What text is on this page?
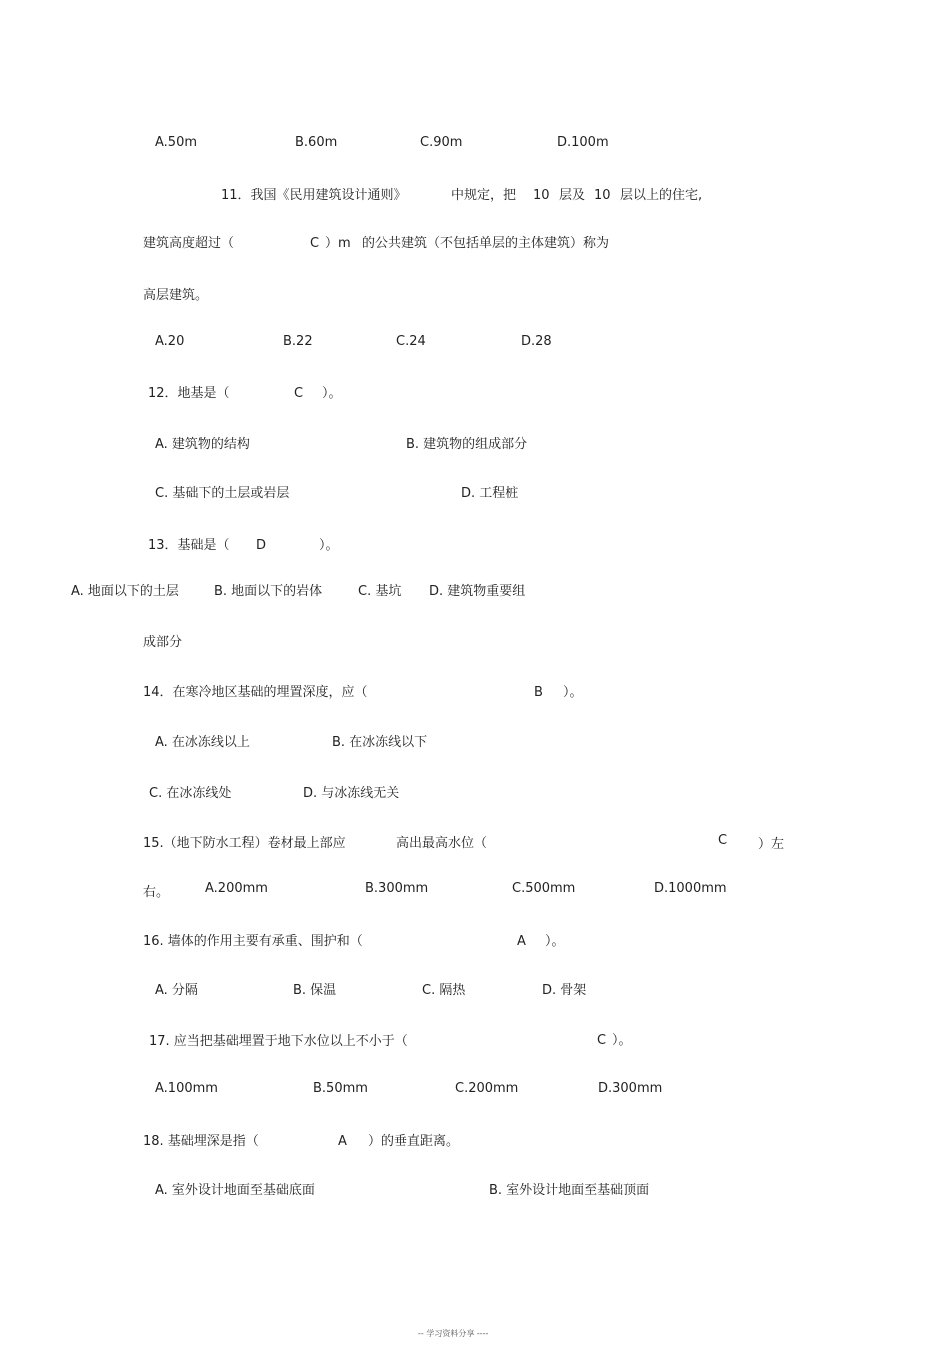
A.50m	B.60m	C.90m	D.100m
11．我国《民用建筑设计通则》	中规定，把 10 层及 10 层以上的住宅,
建筑高度超过（	C ）m 的公共建筑（不包括单层的主体建筑）称为
高层建筑。
A.20	B.22	C.24	D.28
12．地基是（	C ）。
A. 建筑物的结构	B. 建筑物的组成部分
C. 基础下的土层或岩层	D. 工程桩
13．基础是（ D	）。
A. 地面以下的土层	B. 地面以下的岩体	C. 基坑 D. 建筑物重要组
成部分
14．在寒冷地区基础的埋置深度，应（	B ）。
A. 在冰冻线以上	B. 在冰冻线以下
C. 在冰冻线处	D. 与冰冻线无关
15.（地下防水工程）卷材最上部应	高出最高水位（	C ）左
右。	A.200mm	B.300mm	C.500mm	D.1000mm
16. 墙体的作用主要有承重、围护和（	A ）。
A. 分隔	B. 保温	C. 隔热	D. 骨架
17. 应当把基础埋置于地下水位以上不小于（	C ）。
A.100mm	B.50mm	C.200mm	D.300mm
18. 基础埋深是指（	A ）的垂直距离。
A. 室外设计地面至基础底面	B. 室外设计地面至基础顶面
-- 学习资料分享 ----
